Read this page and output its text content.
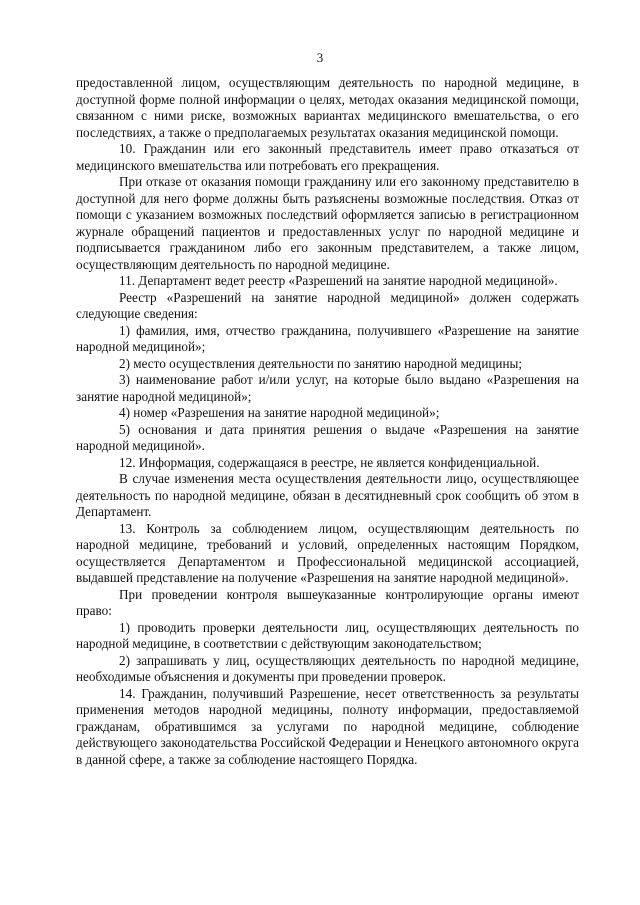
3

предоставленной лицом, осуществляющим деятельность по народной медицине, в доступной форме полной информации о целях, методах оказания медицинской помощи, связанном с ними риске, возможных вариантах медицинского вмешательства, о его последствиях, а также о предполагаемых результатах оказания медицинской помощи.

10. Гражданин или его законный представитель имеет право отказаться от медицинского вмешательства или потребовать его прекращения.

При отказе от оказания помощи гражданину или его законному представителю в доступной для него форме должны быть разъяснены возможные последствия. Отказ от помощи с указанием возможных последствий оформляется записью в регистрационном журнале обращений пациентов и предоставленных услуг по народной медицине и подписывается гражданином либо его законным представителем, а также лицом, осуществляющим деятельность по народной медицине.

11. Департамент ведет реестр «Разрешений на занятие народной медициной».

Реестр «Разрешений на занятие народной медициной» должен содержать следующие сведения:

1) фамилия, имя, отчество гражданина, получившего «Разрешение на занятие народной медициной»;

2) место осуществления деятельности по занятию народной медицины;

3) наименование работ и/или услуг, на которые было выдано «Разрешения на занятие народной медициной»;

4) номер «Разрешения на занятие народной медициной»;

5) основания и дата принятия решения о выдаче «Разрешения на занятие народной медициной».

12. Информация, содержащаяся в реестре, не является конфиденциальной.

В случае изменения места осуществления деятельности лицо, осуществляющее деятельность по народной медицине, обязан в десятидневный срок сообщить об этом в Департамент.

13. Контроль за соблюдением лицом, осуществляющим деятельность по народной медицине, требований и условий, определенных настоящим Порядком, осуществляется Департаментом и Профессиональной медицинской ассоциацией, выдавшей представление на получение «Разрешения на занятие народной медициной».

При проведении контроля вышеуказанные контролирующие органы имеют право:

1) проводить проверки деятельности лиц, осуществляющих деятельность по народной медицине, в соответствии с действующим законодательством;

2) запрашивать у лиц, осуществляющих деятельность по народной медицине, необходимые объяснения и документы при проведении проверок.

14. Гражданин, получивший Разрешение, несет ответственность за результаты применения методов народной медицины, полноту информации, предоставляемой гражданам, обратившимся за услугами по народной медицине, соблюдение действующего законодательства Российской Федерации и Ненецкого автономного округа в данной сфере, а также за соблюдение настоящего Порядка.
